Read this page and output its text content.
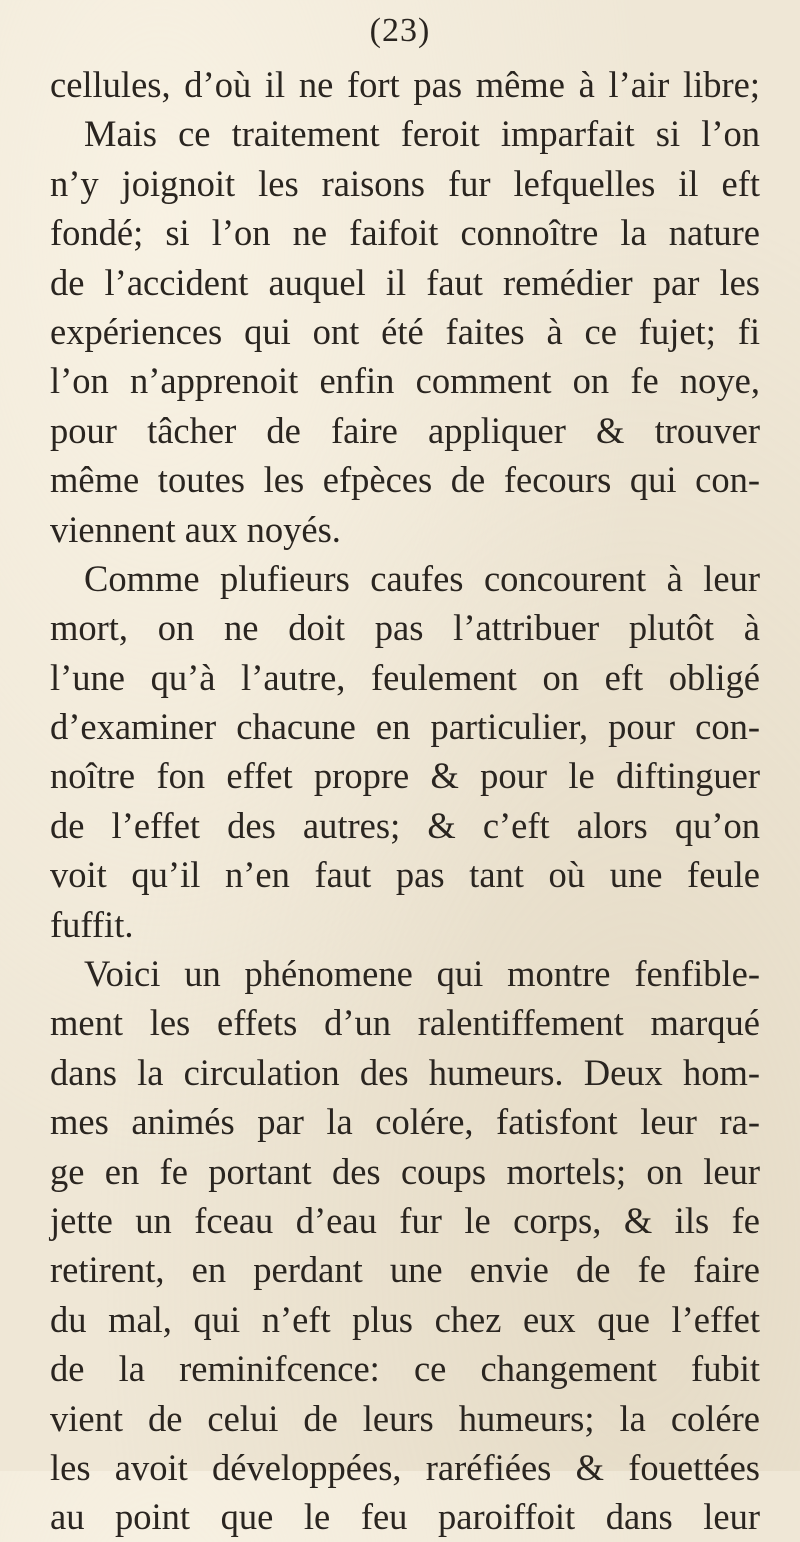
(23)
cellules, d’où il ne fort pas même à l’air libre;
Mais ce traitement feroit imparfait si l’on
n’y joignoit les raisons fur lefquelles il eft
fondé; si l’on ne faifoit connoître la nature
de l’accident auquel il faut remédier par les
expériences qui ont été faites à ce fujet; fi
l’on n’apprenoit enfin comment on fe noye,
pour tâcher de faire appliquer & trouver
même toutes les efpèces de fecours qui con-
viennent aux noyés.
Comme plufieurs caufes concourent à leur
mort, on ne doit pas l’attribuer plutôt à
l’une qu’à l’autre, feulement on eft obligé
d’examiner chacune en particulier, pour con-
noître fon effet propre & pour le diftinguer
de l’effet des autres; & c’eft alors qu’on
voit qu’il n’en faut pas tant où une feule
fuffit.
Voici un phénomene qui montre fenfible-
ment les effets d’un ralentiffement marqué
dans la circulation des humeurs. Deux hom-
mes animés par la colére, fatisfont leur ra-
ge en fe portant des coups mortels; on leur
jette un fceau d’eau fur le corps, & ils fe
retirent, en perdant une envie de fe faire
du mal, qui n’eft plus chez eux que l’effet
de la reminifcence: ce changement fubit
vient de celui de leurs humeurs; la colére
les avoit développées, raréfiées & fouettées
au point que le feu paroiffoit dans leur
